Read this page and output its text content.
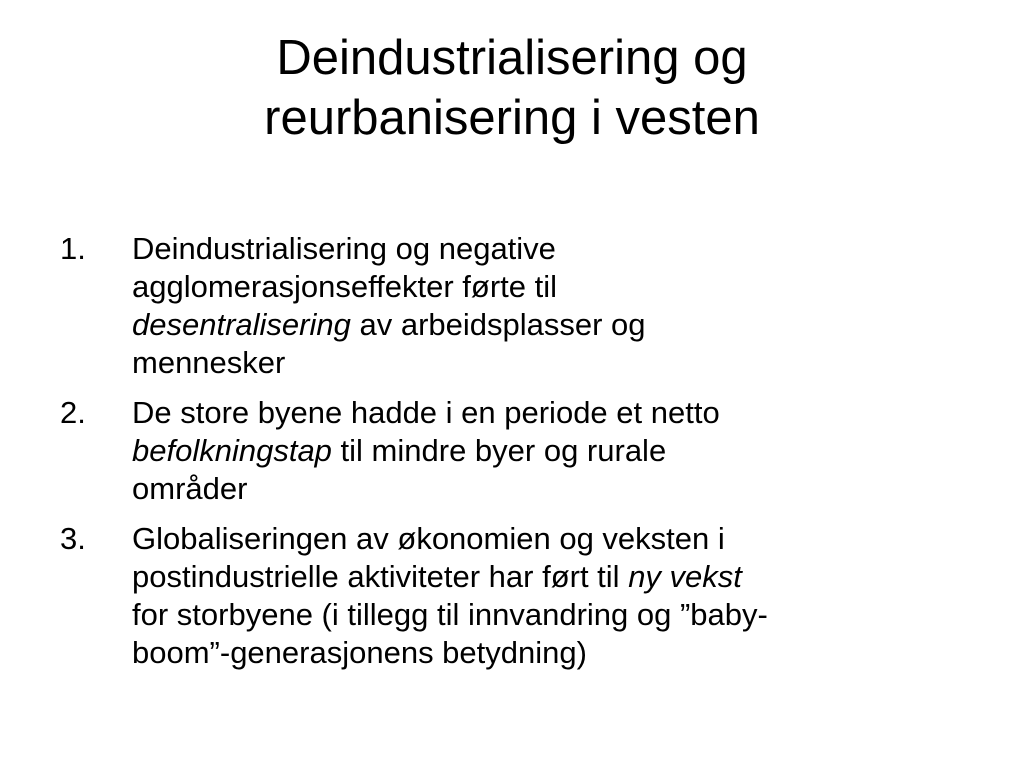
Deindustrialisering og
reurbanisering i vesten
1. Deindustrialisering og negative
agglomerasjonseffekter førte til
desentralisering av arbeidsplasser og
mennesker
2. De store byene hadde i en periode et netto
befolkningstap til mindre byer og rurale
områder
3. Globaliseringen av økonomien og veksten i
postindustrielle aktiviteter har ført til ny vekst
for storbyene (i tillegg til innvandring og ”baby-
boom”-generasjonens betydning)
